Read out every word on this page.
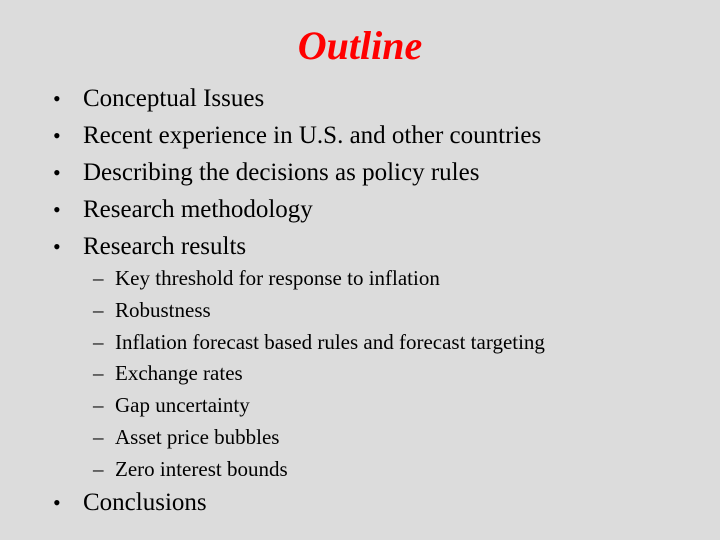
Outline
• Conceptual Issues
• Recent experience in U.S. and other countries
• Describing the decisions as policy rules
• Research methodology
• Research results
– Key threshold for response to inflation
– Robustness
– Inflation forecast based rules and forecast targeting
– Exchange rates
– Gap uncertainty
– Asset price bubbles
– Zero interest bounds
• Conclusions
